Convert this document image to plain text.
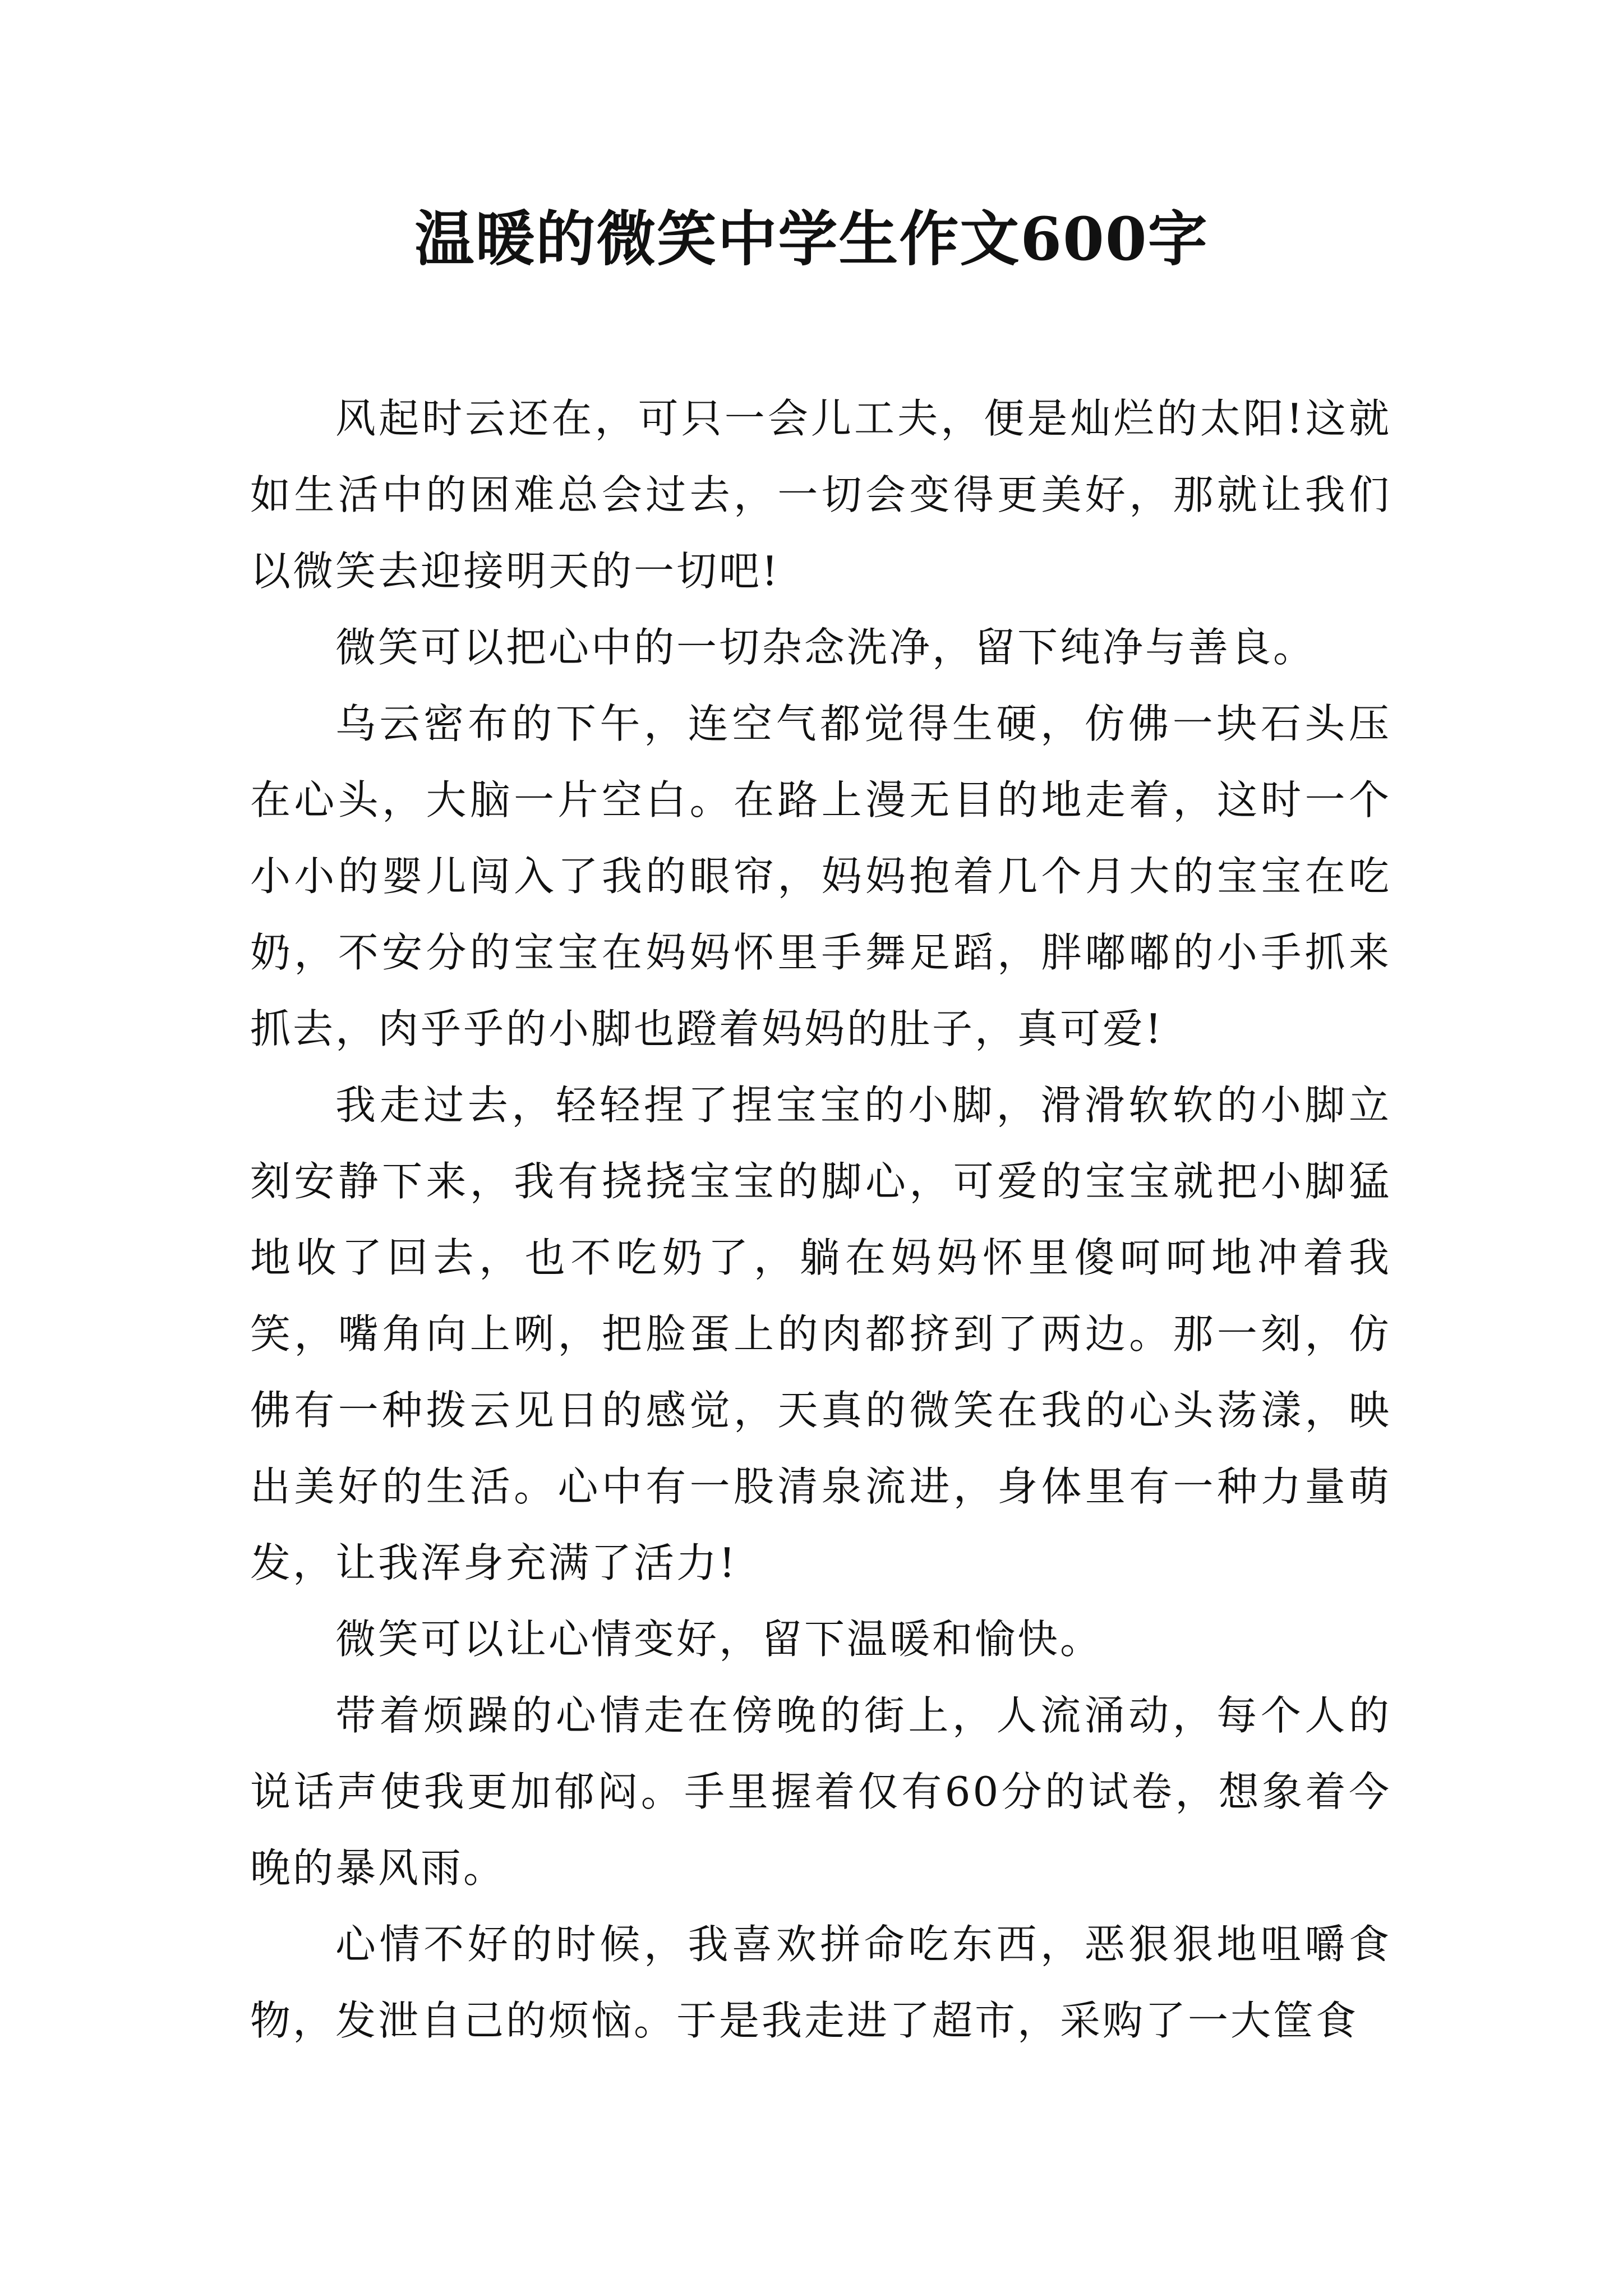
温暖的微笑中学生作文600字

风起时云还在，可只一会儿工夫，便是灿烂的太阳!这就如生活中的困难总会过去，一切会变得更美好，那就让我们以微笑去迎接明天的一切吧!

微笑可以把心中的一切杂念洗净，留下纯净与善良。

乌云密布的下午，连空气都觉得生硬，仿佛一块石头压在心头，大脑一片空白。在路上漫无目的地走着，这时一个小小的婴儿闯入了我的眼帘，妈妈抱着几个月大的宝宝在吃奶，不安分的宝宝在妈妈怀里手舞足蹈，胖嘟嘟的小手抓来抓去，肉乎乎的小脚也蹬着妈妈的肚子，真可爱!

我走过去，轻轻捏了捏宝宝的小脚，滑滑软软的小脚立刻安静下来，我有挠挠宝宝的脚心，可爱的宝宝就把小脚猛地收了回去，也不吃奶了，躺在妈妈怀里傻呵呵地冲着我笑，嘴角向上咧，把脸蛋上的肉都挤到了两边。那一刻，仿佛有一种拨云见日的感觉，天真的微笑在我的心头荡漾，映出美好的生活。心中有一股清泉流进，身体里有一种力量萌发，让我浑身充满了活力!

微笑可以让心情变好，留下温暖和愉快。

带着烦躁的心情走在傍晚的街上，人流涌动，每个人的说话声使我更加郁闷。手里握着仅有60分的试卷，想象着今晚的暴风雨。

心情不好的时候，我喜欢拼命吃东西，恶狠狠地咀嚼食物，发泄自己的烦恼。于是我走进了超市，采购了一大筐食
